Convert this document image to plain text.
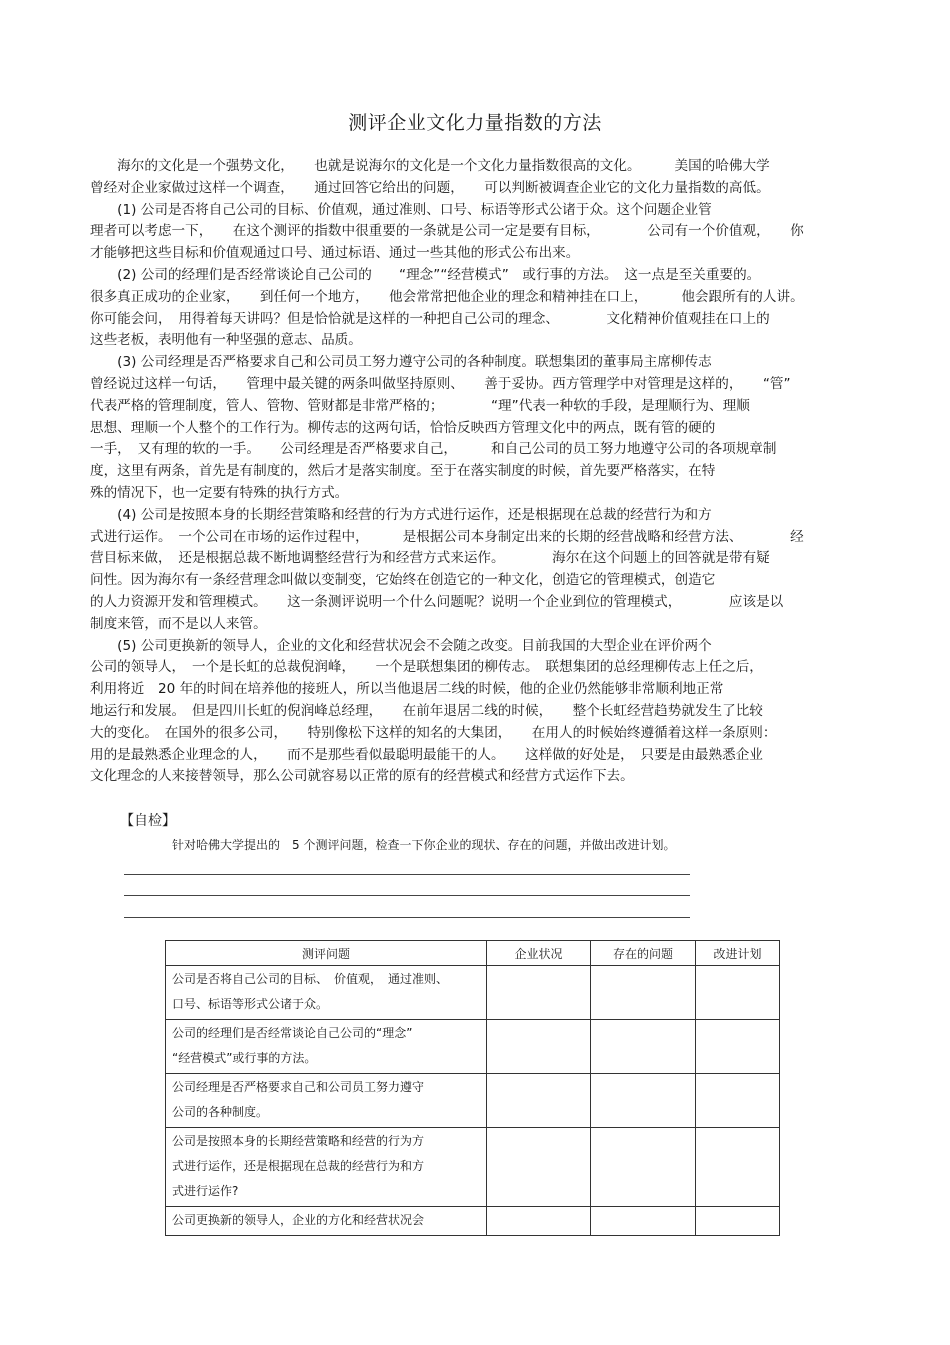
测评企业文化力量指数的方法
　　海尔的文化是一个强势文化，　　也就是说海尔的文化是一个文化力量指数很高的文化。　　　美国的哈佛大学
曾经对企业家做过这样一个调查，　　通过回答它给出的问题，　　可以判断被调查企业它的文化力量指数的高低。
　　(1) 公司是否将自己公司的目标、价值观，通过准则、口号、标语等形式公诸于众。这个问题企业管
理者可以考虑一下，　　在这个测评的指数中很重要的一条就是公司一定是要有目标，　　　　公司有一个价值观，　　你
才能够把这些目标和价值观通过口号、通过标语、通过一些其他的形式公布出来。
　　(2) 公司的经理们是否经常谈论自己公司的　　“理念”“经营模式”　或行事的方法。　这一点是至关重要的。
很多真正成功的企业家，　　到任何一个地方，　　他会常常把他企业的理念和精神挂在口上，　　　他会跟所有的人讲。
你可能会问，　用得着每天讲吗？但是恰恰就是这样的一种把自己公司的理念、　　　　文化精神价值观挂在口上的
这些老板，表明他有一种坚强的意志、品质。
　　(3) 公司经理是否严格要求自己和公司员工努力遵守公司的各种制度。联想集团的董事局主席柳传志
曾经说过这样一句话，　　管理中最关键的两条叫做坚持原则、　　善于妥协。西方管理学中对管理是这样的，　　“管”
代表严格的管理制度，管人、管物、管财都是非常严格的；　　　　“理”代表一种软的手段，是理顺行为、理顺
思想、理顺一个人整个的工作行为。柳传志的这两句话，恰恰反映西方管理文化中的两点，既有管的硬的
一手，　又有理的软的一手。　　公司经理是否严格要求自己，　　　和自己公司的员工努力地遵守公司的各项规章制
度，这里有两条，首先是有制度的，然后才是落实制度。至于在落实制度的时候，首先要严格落实，在特
殊的情况下，也一定要有特殊的执行方式。
　　(4) 公司是按照本身的长期经营策略和经营的行为方式进行运作，还是根据现在总裁的经营行为和方
式进行运作。　一个公司在市场的运作过程中，　　　是根据公司本身制定出来的长期的经营战略和经营方法、　　　　经
营目标来做，　还是根据总裁不断地调整经营行为和经营方式来运作。　　　　海尔在这个问题上的回答就是带有疑
问性。因为海尔有一条经营理念叫做以变制变，它始终在创造它的一种文化，创造它的管理模式，创造它
的人力资源开发和管理模式。　　这一条测评说明一个什么问题呢？说明一个企业到位的管理模式，　　　　应该是以
制度来管，而不是以人来管。
　　(5) 公司更换新的领导人，企业的文化和经营状况会不会随之改变。目前我国的大型企业在评价两个
公司的领导人，　一个是长虹的总裁倪润峰，　　一个是联想集团的柳传志。　联想集团的总经理柳传志上任之后，
利用将近　20 年的时间在培养他的接班人，所以当他退居二线的时候，他的企业仍然能够非常顺利地正常
地运行和发展。　但是四川长虹的倪润峰总经理，　　在前年退居二线的时候，　　整个长虹经营趋势就发生了比较
大的变化。　在国外的很多公司，　　特别像松下这样的知名的大集团，　　在用人的时候始终遵循着这样一条原则：
用的是最熟悉企业理念的人，　　而不是那些看似最聪明最能干的人。　　这样做的好处是，　只要是由最熟悉企业
文化理念的人来接替领导，那么公司就容易以正常的原有的经营模式和经营方式运作下去。
【自检】
针对哈佛大学提出的　5 个测评问题，检查一下你企业的现状、存在的问题，并做出改进计划。
测评问题	企业状况	存在的问题	改进计划

公司是否将自己公司的目标、　价值观，　通过准则、
口号、标语等形式公诸于众。			

公司的经理们是否经常谈论自己公司的“理念”
“经营模式”或行事的方法。			

公司经理是否严格要求自己和公司员工努力遵守
公司的各种制度。			

公司是按照本身的长期经营策略和经营的行为方
式进行运作，还是根据现在总裁的经营行为和方
式进行运作?			

公司更换新的领导人，企业的方化和经营状况会			
